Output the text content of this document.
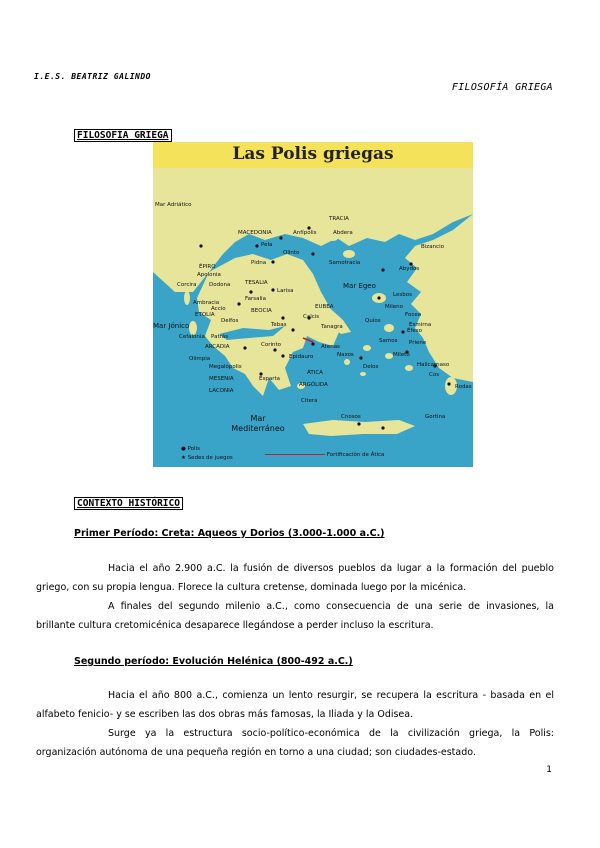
I.E.S. BEATRIZ GALINDO
FILOSOFÍA GRIEGA
FILOSOFÍA GRIEGA
Las Polis griegas
Mar Adriático
MACEDONIA
TRACIA
Abdera
Anfípolis
Pela
Olinto
Samotracia
Apolonia
Pidna
ÉPIRO
Corcira Dodona	TESALIA
Larisa
Mar Egeo
Bizancio
Abydos
Ambracia
Farsalia
Lesbos
Mileno
Mar Jónico
ETOLIA
BEOCIA
EUBEA
Focea
Accio
Delfos
Calcis
Quíos
Esmirna
Éfeso
Cefalonia Patrás
Tebas	Tanagra
Samos Priene
ARCADIA	Corinto	Atenas
Naxos	Mileto
Halicarnaso
Olimpia	Epidauro
Delos
Cos
Megalópolis
MESENIA	Esparta
ÁTICA
Rodas
ARGÓLIDA
LACONIA
Citera
Mar Mediterráneo
Cnosos	Gortina
● Polis
★ Sedes de juegos	Fortificación de Ática
CONTEXTO HISTÓRICO
Primer Período: Creta: Aqueos y Dorios (3.000-1.000 a.C.)
Hacia el año 2.900 a.C. la fusión de diversos pueblos da lugar a la formación del pueblo griego, con su propia lengua. Florece la cultura cretense, dominada luego por la micénica.
A finales del segundo milenio a.C., como consecuencia de una serie de invasiones, la brillante cultura cretomicénica desaparece llegándose a perder incluso la escritura.
Segundo período: Evolución Helénica (800-492 a.C.)
Hacia el año 800 a.C., comienza un lento resurgir, se recupera la escritura - basada en el alfabeto fenicio- y se escriben las dos obras más famosas, la Iliada y la Odisea.
Surge ya la estructura socio-político-económica de la civilización griega, la Polis: organización autónoma de una pequeña región en torno a una ciudad; son ciudades-estado.
1
